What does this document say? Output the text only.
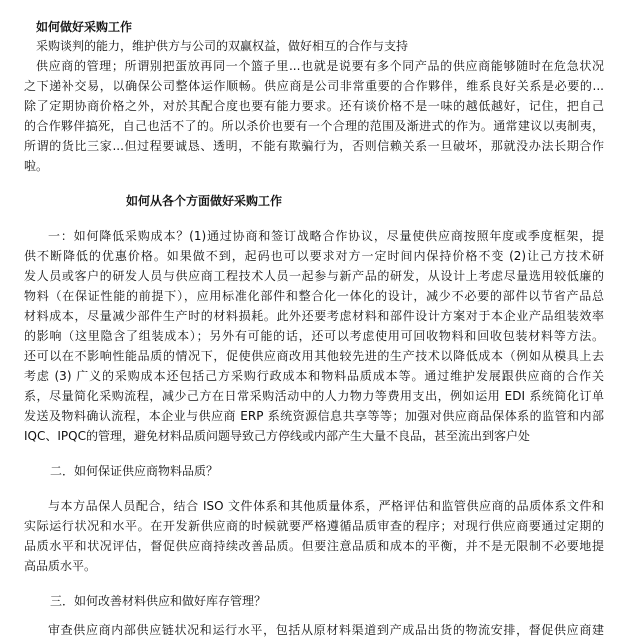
如何做好采购工作
采购谈判的能力，维护供方与公司的双赢权益，做好相互的合作与支持
供应商的管理；所谓别把蛋放再同一个篮子里...也就是说要有多个同产品的供应商能够随时在危急状况
之下递补交易，以确保公司整体运作顺畅。供应商是公司非常重要的合作夥伴，维系良好关系是必要的...
除了定期协商价格之外，对於其配合度也要有能力要求。还有谈价格不是一味的越低越好，记住，把自己
的合作夥伴搞死，自己也活不了的。所以杀价也要有一个合理的范围及渐进式的作为。通常建议以夷制夷，
所谓的货比三家...但过程要诚恳、透明，不能有欺骗行为，否则信赖关系一旦破坏，那就没办法长期合作
啦。
如何从各个方面做好采购工作
一：如何降低采购成本？(1)通过协商和签订战略合作协议，尽量使供应商按照年度或季度框架，提
供不断降低的优惠价格。如果做不到，起码也可以要求对方一定时间内保持价格不变 (2)让己方技术研
发人员或客户的研发人员与供应商工程技术人员一起参与新产品的研发，从设计上考虑尽量选用较低廉的
物料（在保证性能的前提下），应用标准化部件和整合化一体化的设计，减少不必要的部件以节省产品总
材料成本，尽量减少部件生产时的材料损耗。此外还要考虑材料和部件设计方案对于本企业产品组装效率
的影响（这里隐含了组装成本）；另外有可能的话，还可以考虑使用可回收物料和回收包装材料等方法。
还可以在不影响性能品质的情况下，促使供应商改用其他较先进的生产技术以降低成本（例如从模具上去
考虑 (3) 广义的采购成本还包括己方采购行政成本和物料品质成本等。通过维护发展跟供应商的合作关
系，尽量简化采购流程，减少己方在日常采购活动中的人力物力等费用支出，例如运用 EDI 系统简化订单
发送及物料确认流程，本企业与供应商 ERP 系统资源信息共享等等；加强对供应商品保体系的监管和内部
IQC、IPQC的管理，避免材料品质问题导致己方停线或内部产生大量不良品，甚至流出到客户处
二．如何保证供应商物料品质？
与本方品保人员配合，结合 ISO 文件体系和其他质量体系，严格评估和监管供应商的品质体系文件和
实际运行状况和水平。在开发新供应商的时候就要严格遵循品质审查的程序；对现行供应商要通过定期的
品质水平和状况评估，督促供应商持续改善品质。但要注意品质和成本的平衡，并不是无限制不必要地提
高品质水平。
三．如何改善材料供应和做好库存管理？
审查供应商内部供应链状况和运行水平，包括从原材料渠道到产成品出货的物流安排，督促供应商建
